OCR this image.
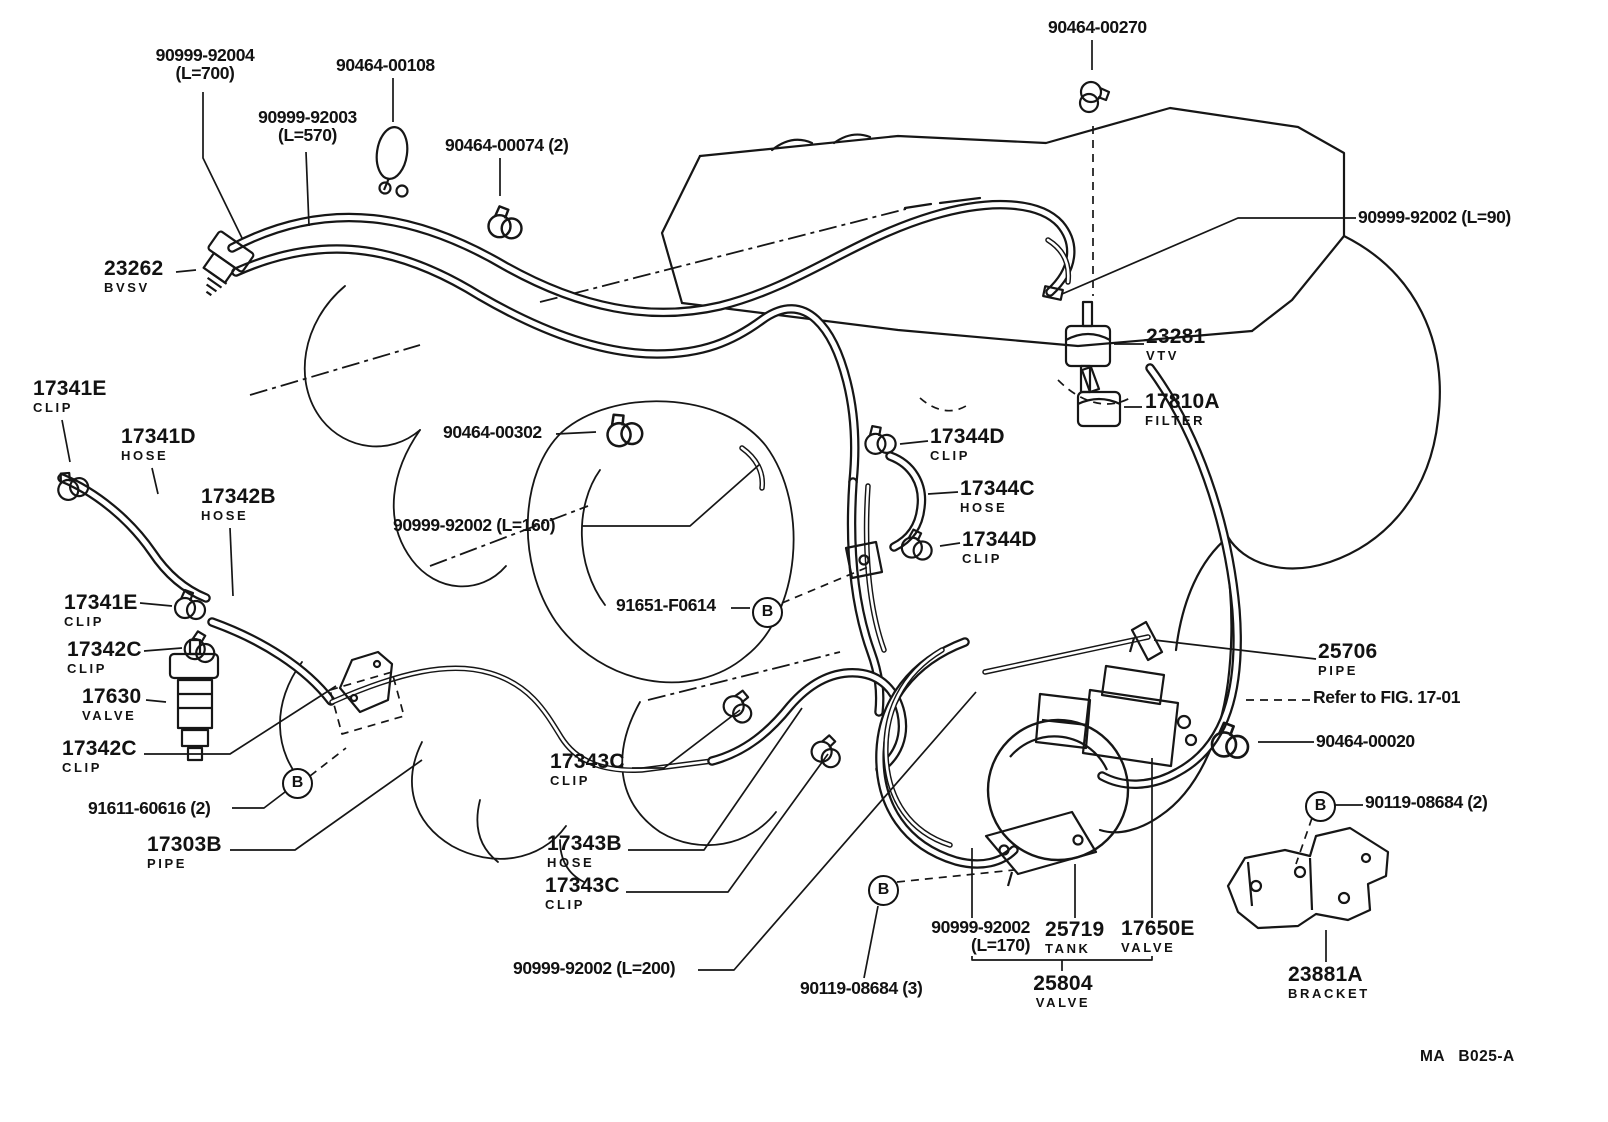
90999-92004
(L=700)	90464-00108
90999-92003
(L=570)	90464-00074 (2)
90464-00270
90999-92002 (L=90)
23262
BVSV
23281
VTV
17810A
FILTER
17341E
CLIP
17341D
HOSE
17342B
HOSE
90464-00302
90999-92002 (L=160)
17344D
CLIP
17344C
HOSE
17344D
CLIP
17341E
CLIP
17342C
CLIP
17630
VALVE
91651-F0614
25706
PIPE
Refer to FIG. 17-01
90464-00020
90119-08684 (2)
17342C
CLIP
91611-60616 (2)
17303B
PIPE
17343C
CLIP
17343B
HOSE
17343C
CLIP
90999-92002 (L=200)
90119-08684 (3)
90999-92002
(L=170)
25719
TANK
17650E
VALVE
25804
VALVE
23881A
BRACKET
B
B
B
B
MA B025-A
